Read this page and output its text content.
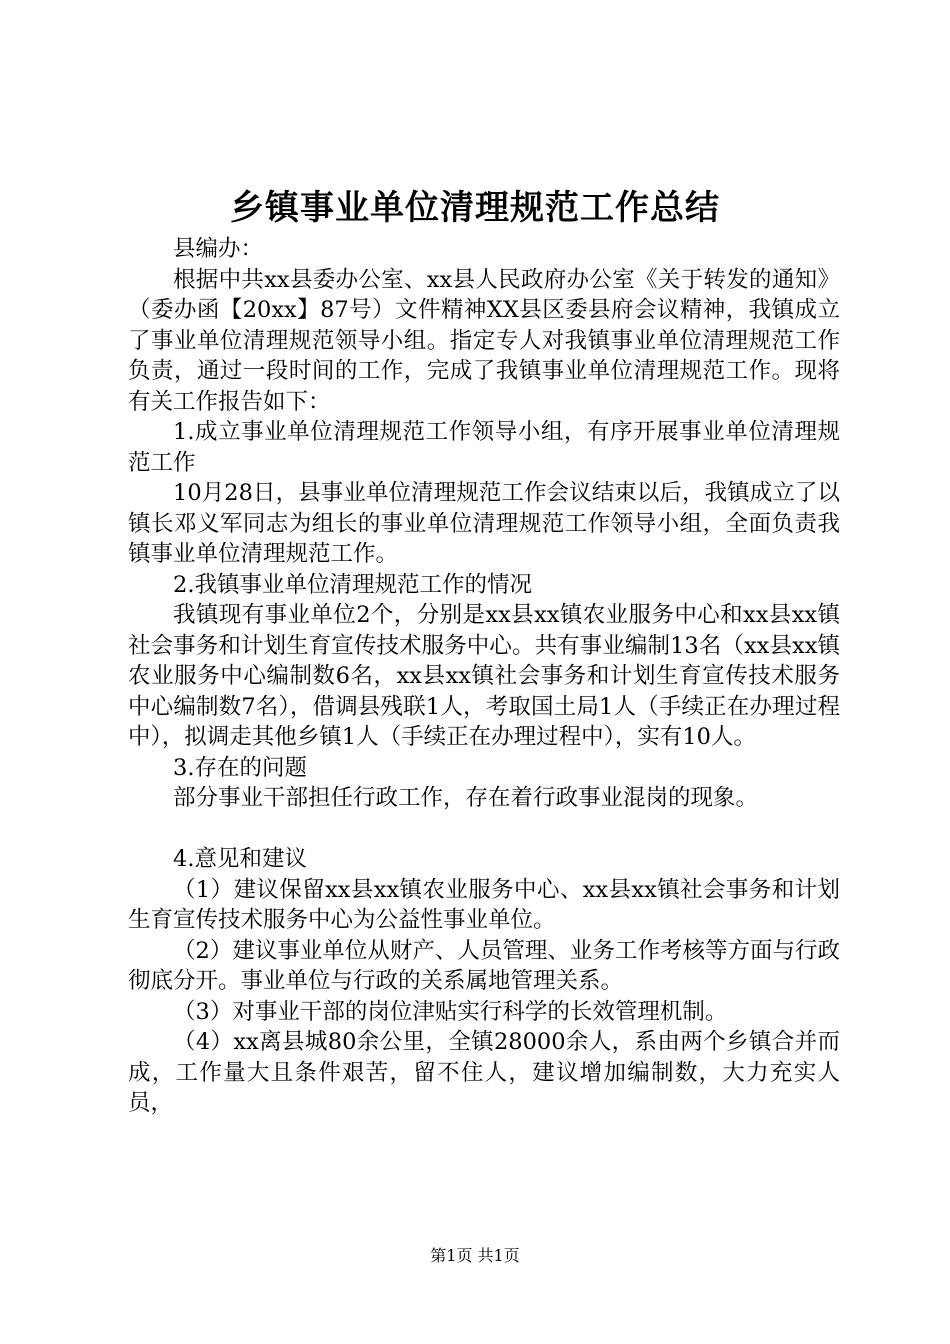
乡镇事业单位清理规范工作总结

县编办：

根据中共xx县委办公室、xx县人民政府办公室《关于转发的通知》（委办函【20xx】87号）文件精神XX县区委县府会议精神，我镇成立了事业单位清理规范领导小组。指定专人对我镇事业单位清理规范工作负责，通过一段时间的工作，完成了我镇事业单位清理规范工作。现将有关工作报告如下：

1.成立事业单位清理规范工作领导小组，有序开展事业单位清理规范工作

10月28日，县事业单位清理规范工作会议结束以后，我镇成立了以镇长邓义军同志为组长的事业单位清理规范工作领导小组，全面负责我镇事业单位清理规范工作。

2.我镇事业单位清理规范工作的情况

我镇现有事业单位2个，分别是xx县xx镇农业服务中心和xx县xx镇社会事务和计划生育宣传技术服务中心。共有事业编制13名（xx县xx镇农业服务中心编制数6名，xx县xx镇社会事务和计划生育宣传技术服务中心编制数7名），借调县残联1人，考取国土局1人（手续正在办理过程中），拟调走其他乡镇1人（手续正在办理过程中），实有10人。

3.存在的问题

部分事业干部担任行政工作，存在着行政事业混岗的现象。

4.意见和建议

（1）建议保留xx县xx镇农业服务中心、xx县xx镇社会事务和计划生育宣传技术服务中心为公益性事业单位。

（2）建议事业单位从财产、人员管理、业务工作考核等方面与行政彻底分开。事业单位与行政的关系属地管理关系。

（3）对事业干部的岗位津贴实行科学的长效管理机制。

（4）xx离县城80余公里，全镇28000余人，系由两个乡镇合并而成，工作量大且条件艰苦，留不住人，建议增加编制数，大力充实人员，

第1页 共1页
